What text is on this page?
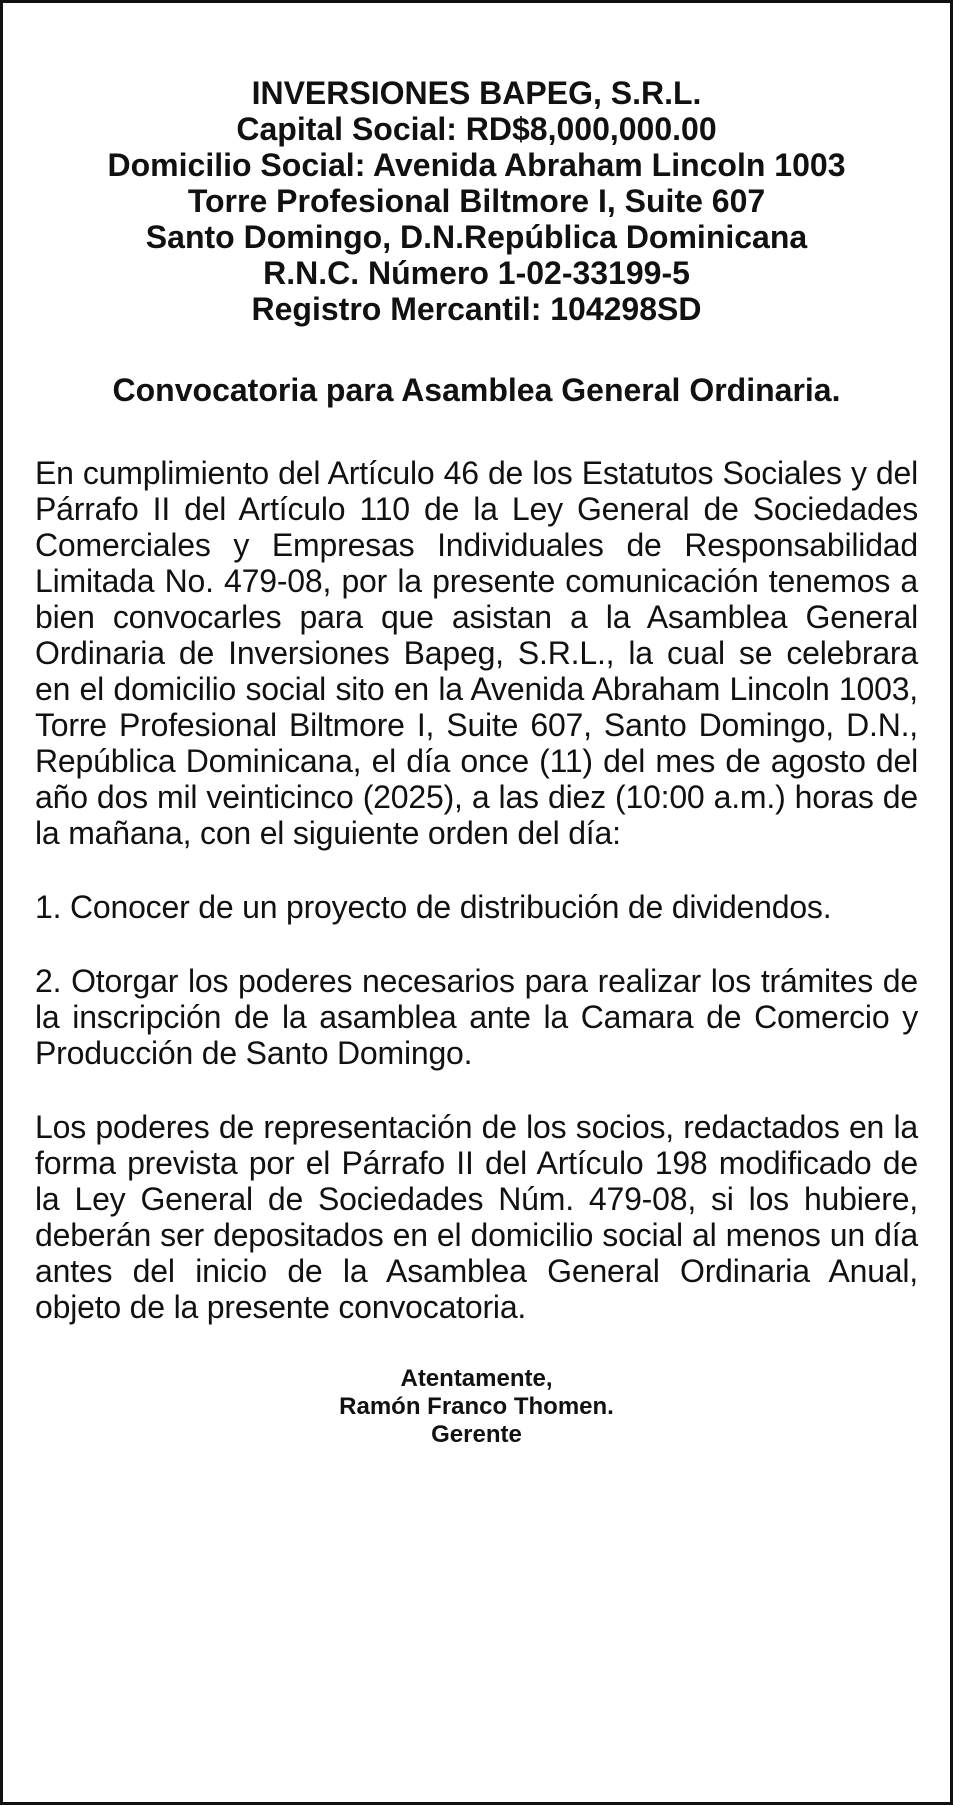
INVERSIONES BAPEG, S.R.L.
Capital Social: RD$8,000,000.00
Domicilio Social: Avenida Abraham Lincoln 1003
Torre Profesional Biltmore I, Suite 607
Santo Domingo, D.N.República Dominicana
R.N.C. Número 1-02-33199-5
Registro Mercantil: 104298SD
Convocatoria para Asamblea General Ordinaria.

En cumplimiento del Artículo 46 de los Estatutos Sociales y del Párrafo II del Artículo 110 de la Ley General de Sociedades Comerciales y Empresas Individuales de Responsabilidad Limitada No. 479-08, por la presente comunicación tenemos a bien convocarles para que asistan a la Asamblea General Ordinaria de Inversiones Bapeg, S.R.L., la cual se celebrara en el domicilio social sito en la Avenida Abraham Lincoln 1003, Torre Profesional Biltmore I, Suite 607, Santo Domingo, D.N., República Dominicana, el día once (11) del mes de agosto del año dos mil veinticinco (2025), a las diez (10:00 a.m.) horas de la mañana, con el siguiente orden del día:

1. Conocer de un proyecto de distribución de dividendos.

2. Otorgar los poderes necesarios para realizar los trámites de la inscripción de la asamblea ante la Camara de Comercio y Producción de Santo Domingo.

Los poderes de representación de los socios, redactados en la forma prevista por el Párrafo II del Artículo 198 modificado de la Ley General de Sociedades Núm. 479-08, si los hubiere, deberán ser depositados en el domicilio social al menos un día antes del inicio de la Asamblea General Ordinaria Anual, objeto de la presente convocatoria.

Atentamente,
Ramón Franco Thomen.
Gerente
